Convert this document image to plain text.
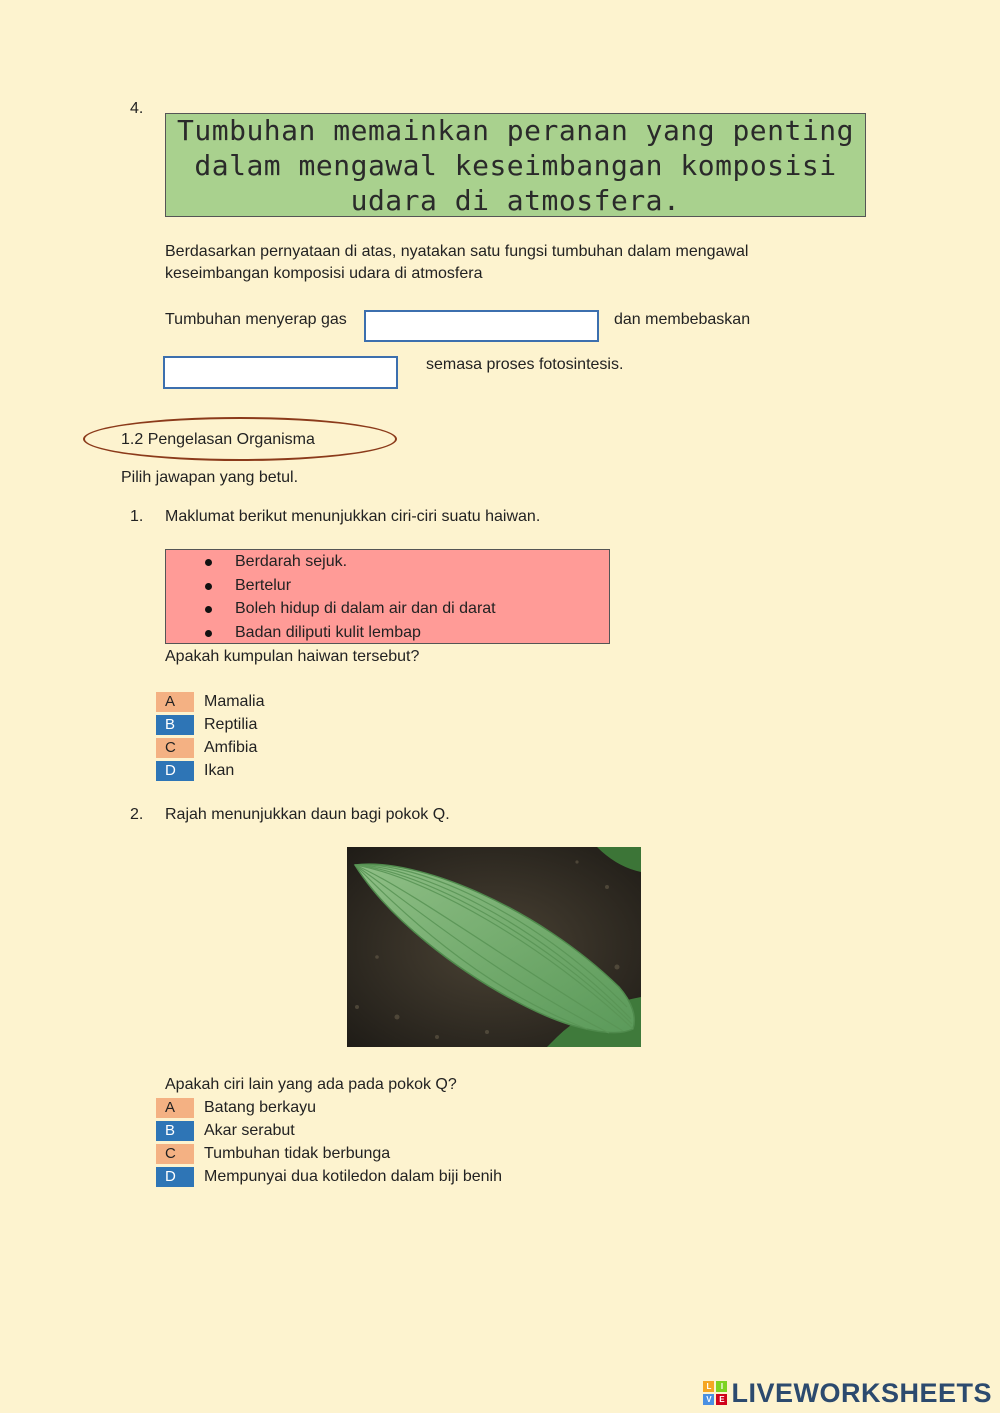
4.
Tumbuhan memainkan peranan yang penting dalam mengawal keseimbangan komposisi udara di atmosfera.
Berdasarkan pernyataan di atas, nyatakan satu fungsi tumbuhan dalam mengawal
keseimbangan komposisi udara di atmosfera
Tumbuhan menyerap gas	dan membebaskan
semasa proses fotosintesis.
1.2 Pengelasan Organisma
Pilih jawapan yang betul.
1. Maklumat berikut menunjukkan ciri-ciri suatu haiwan.
Berdarah sejuk.
Bertelur
Boleh hidup di dalam air dan di darat
Badan diliputi kulit lembap
Apakah kumpulan haiwan tersebut?
A	Mamalia
B	Reptilia
C	Amfibia
D	Ikan
2. Rajah menunjukkan daun bagi pokok Q.
Apakah ciri lain yang ada pada pokok Q?
A	Batang berkayu
B	Akar serabut
C	Tumbuhan tidak berbunga
D	Mempunyai dua kotiledon dalam biji benih
L	I
V E LIVEWORKSHEETS
